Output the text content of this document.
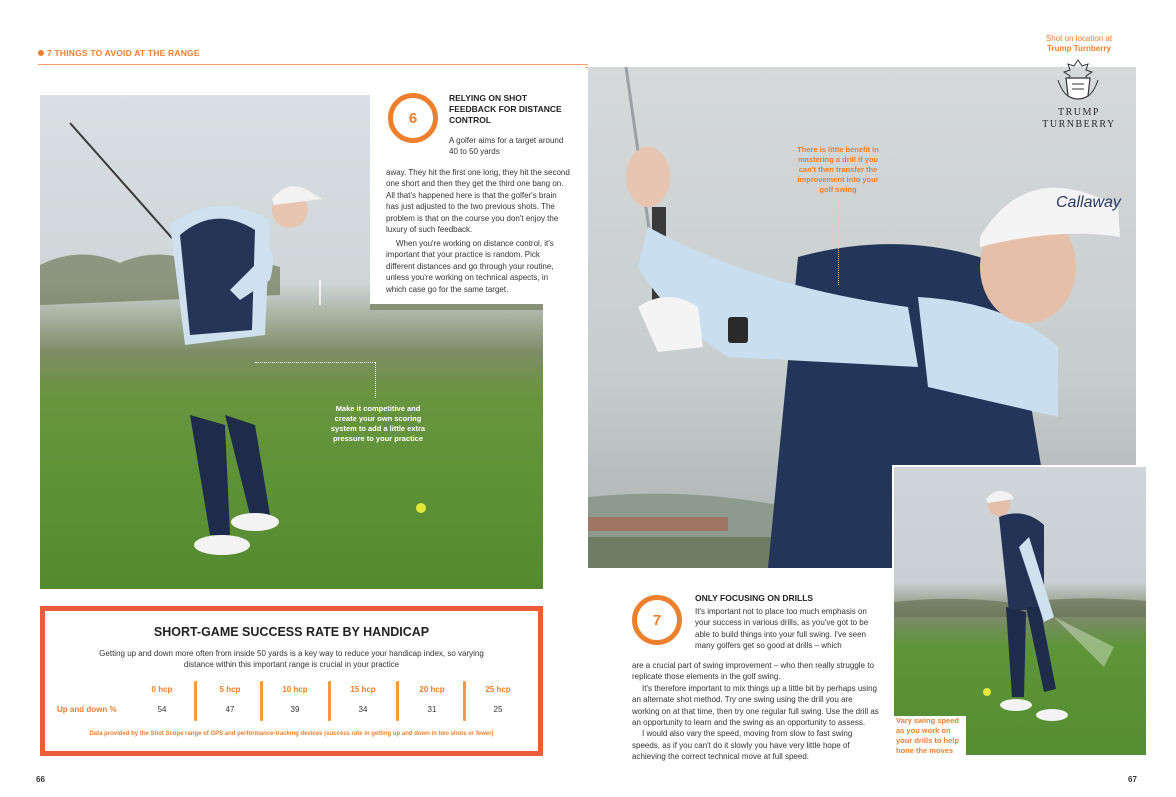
7 THINGS TO AVOID AT THE RANGE
Make it competitive and create your own scoring system to add a little extra pressure to your practice
6
RELYING ON SHOT FEEDBACK FOR DISTANCE CONTROL
A golfer aims for a target around 40 to 50 yards
away. They hit the first one long, they hit the second one short and then they get the third one bang on. All that's happened here is that the golfer's brain has just adjusted to the two previous shots. The problem is that on the course you don't enjoy the luxury of such feedback.
When you're working on distance control, it's important that your practice is random. Pick different distances and go through your routine, unless you're working on technical aspects, in which case go for the same target.
Callaway
There is little benefit in mastering a drill if you can't then transfer the improvement into your golf swing
Shot on location at
Trump Turnberry
TRUMP
TURNBERRY
Vary swing speed as you work on your drills to help hone the moves
SHORT-GAME SUCCESS RATE BY HANDICAP
Getting up and down more often from inside 50 yards is a key way to reduce your handicap index, so varying distance within this important range is crucial in your practice
Up and down %
0 hcp
54
5 hcp
47
10 hcp
39
15 hcp
34
20 hcp
31
25 hcp
25
Data provided by the Shot Scope range of GPS and performance-tracking devices (success rate in getting up and down in two shots or fewer)
7
ONLY FOCUSING ON DRILLS
It's important not to place too much emphasis on your success in various drills, as you've got to be able to build things into your full swing. I've seen many golfers get so good at drills – which

are a crucial part of swing improvement – who then really struggle to replicate those elements in the golf swing.

It's therefore important to mix things up a little bit by perhaps using an alternate shot method. Try one swing using the drill you are working on at that time, then try one regular full swing. Use the drill as an opportunity to learn and the swing as an opportunity to assess.

I would also vary the speed, moving from slow to fast swing speeds, as if you can't do it slowly you have very little hope of achieving the correct technical move at full speed.

66	67
